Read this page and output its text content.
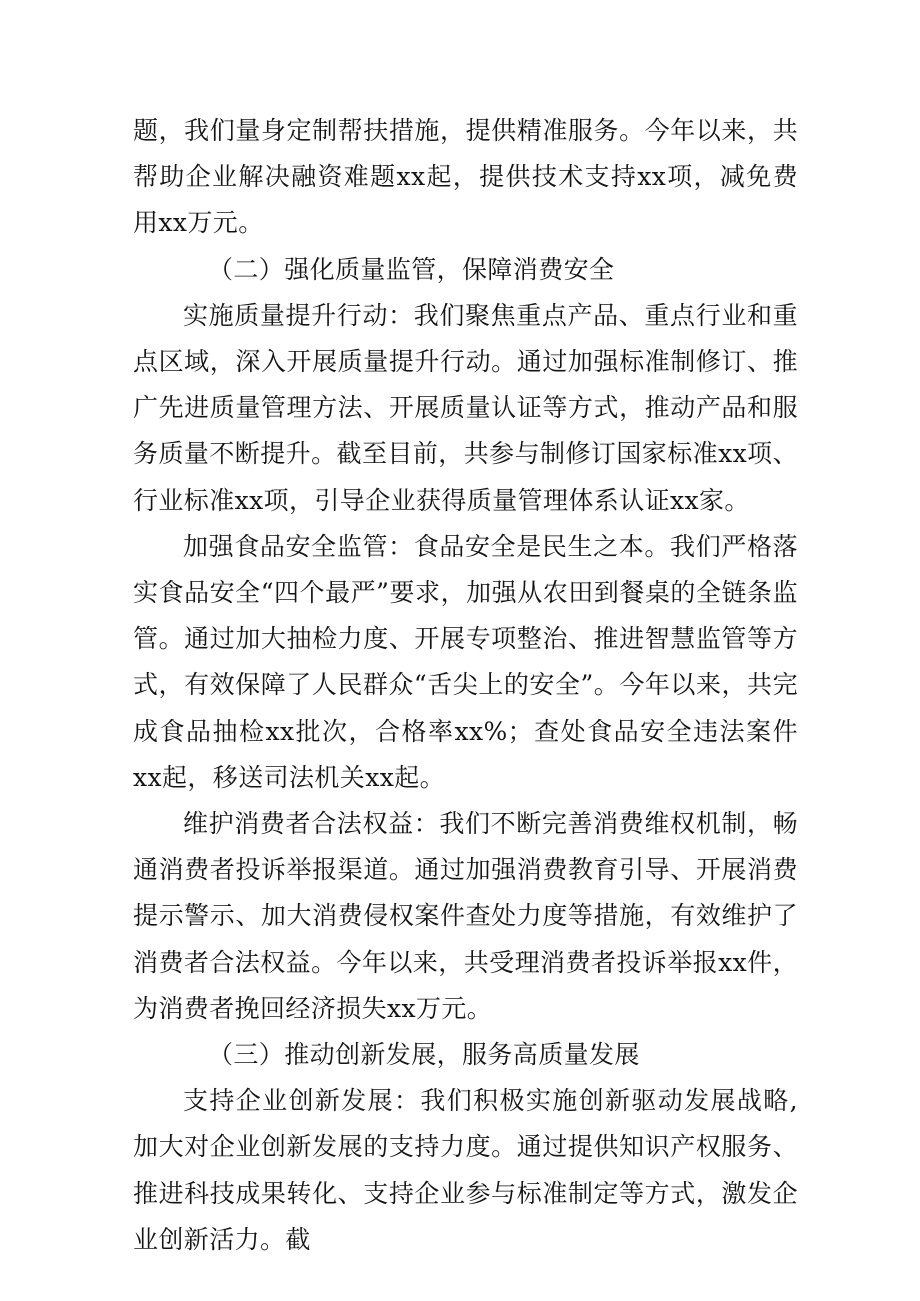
题，我们量身定制帮扶措施，提供精准服务。今年以来，共帮助企业解决融资难题xx起，提供技术支持xx项，减免费用xx万元。

（二）强化质量监管，保障消费安全

实施质量提升行动：我们聚焦重点产品、重点行业和重点区域，深入开展质量提升行动。通过加强标准制修订、推广先进质量管理方法、开展质量认证等方式，推动产品和服务质量不断提升。截至目前，共参与制修订国家标准xx项、行业标准xx项，引导企业获得质量管理体系认证xx家。

加强食品安全监管：食品安全是民生之本。我们严格落实食品安全“四个最严”要求，加强从农田到餐桌的全链条监管。通过加大抽检力度、开展专项整治、推进智慧监管等方式，有效保障了人民群众“舌尖上的安全”。今年以来，共完成食品抽检xx批次，合格率xx%；查处食品安全违法案件xx起，移送司法机关xx起。

维护消费者合法权益：我们不断完善消费维权机制，畅通消费者投诉举报渠道。通过加强消费教育引导、开展消费提示警示、加大消费侵权案件查处力度等措施，有效维护了消费者合法权益。今年以来，共受理消费者投诉举报xx件，为消费者挽回经济损失xx万元。

（三）推动创新发展，服务高质量发展

支持企业创新发展：我们积极实施创新驱动发展战略,加大对企业创新发展的支持力度。通过提供知识产权服务、推进科技成果转化、支持企业参与标准制定等方式，激发企业创新活力。截
